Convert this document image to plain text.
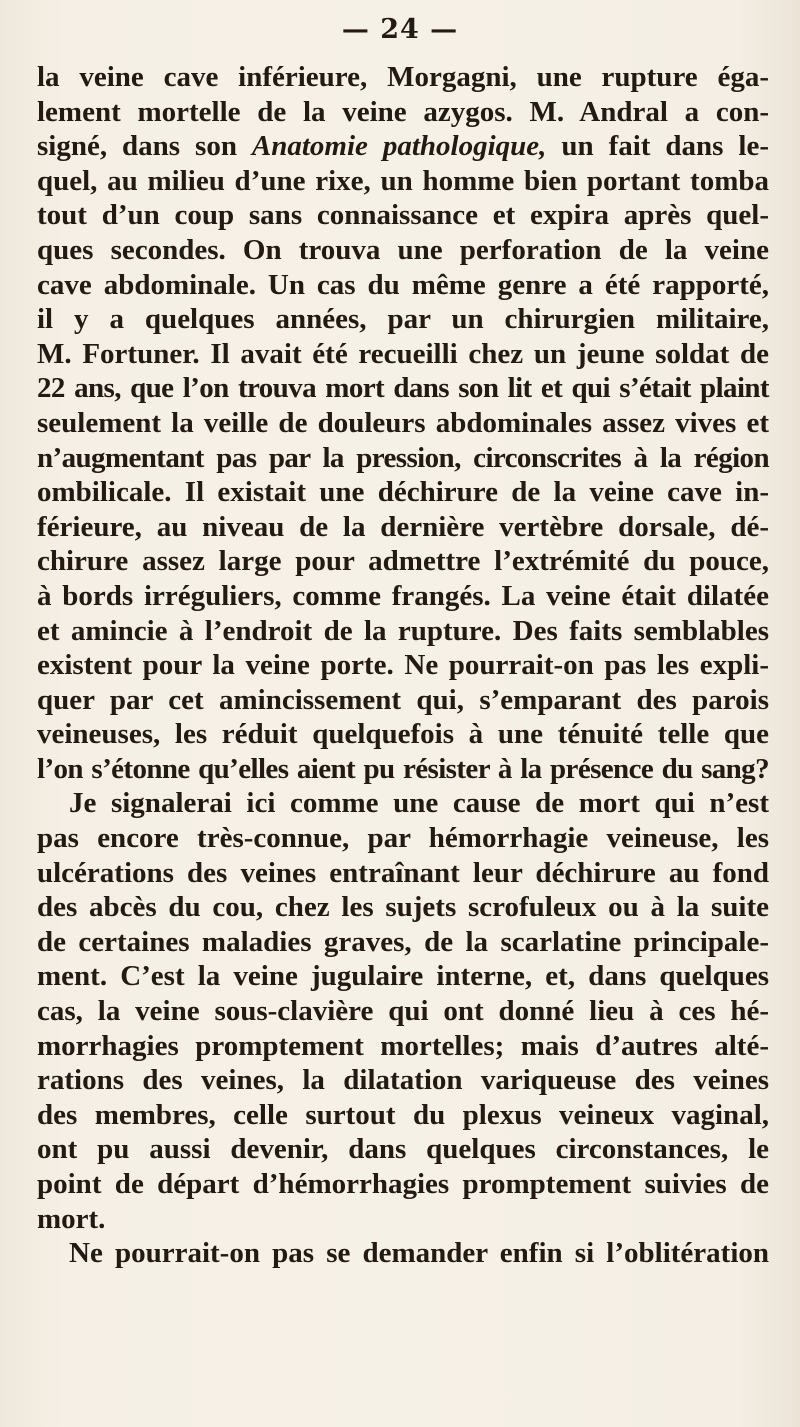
— 24 —
la veine cave inférieure, Morgagni, une rupture éga-
lement mortelle de la veine azygos. M. Andral a con-
signé, dans son Anatomie pathologique, un fait dans le-
quel, au milieu d’une rixe, un homme bien portant tomba
tout d’un coup sans connaissance et expira après quel-
ques secondes. On trouva une perforation de la veine
cave abdominale. Un cas du même genre a été rapporté,
il y a quelques années, par un chirurgien militaire,
M. Fortuner. Il avait été recueilli chez un jeune soldat de
22 ans, que l’on trouva mort dans son lit et qui s’était plaint
seulement la veille de douleurs abdominales assez vives et
n’augmentant pas par la pression, circonscrites à la région
ombilicale. Il existait une déchirure de la veine cave in-
férieure, au niveau de la dernière vertèbre dorsale, dé-
chirure assez large pour admettre l’extrémité du pouce,
à bords irréguliers, comme frangés. La veine était dilatée
et amincie à l’endroit de la rupture. Des faits semblables
existent pour la veine porte. Ne pourrait-on pas les expli-
quer par cet amincissement qui, s’emparant des parois
veineuses, les réduit quelquefois à une ténuité telle que
l’on s’étonne qu’elles aient pu résister à la présence du sang?
Je signalerai ici comme une cause de mort qui n’est
pas encore très-connue, par hémorrhagie veineuse, les
ulcérations des veines entraînant leur déchirure au fond
des abcès du cou, chez les sujets scrofuleux ou à la suite
de certaines maladies graves, de la scarlatine principale-
ment. C’est la veine jugulaire interne, et, dans quelques
cas, la veine sous-clavière qui ont donné lieu à ces hé-
morrhagies promptement mortelles; mais d’autres alté-
rations des veines, la dilatation variqueuse des veines
des membres, celle surtout du plexus veineux vaginal,
ont pu aussi devenir, dans quelques circonstances, le
point de départ d’hémorrhagies promptement suivies de
mort.
Ne pourrait-on pas se demander enfin si l’oblitération
